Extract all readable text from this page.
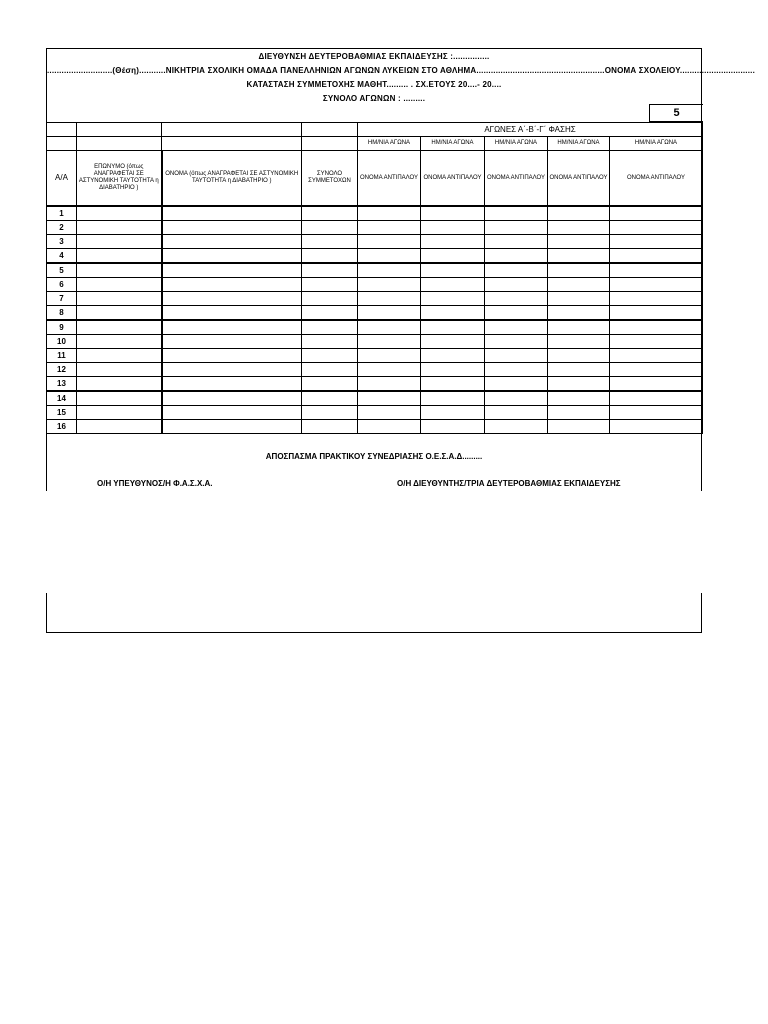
ΔΙΕΥΘΥΝΣΗ ΔΕΥΤΕΡΟΒΑΘΜΙΑΣ ΕΚΠΑΙΔΕΥΣΗΣ :...............
...........................(Θέση)...........ΝΙΚΗΤΡΙΑ ΣΧΟΛΙΚΗ ΟΜΑΔΑ ΠΑΝΕΛΛΗΝΙΩΝ ΑΓΩΝΩΝ ΛΥΚΕΙΩΝ ΣΤΟ ΑΘΛΗΜΑ.....................................................ΟΝΟΜΑ ΣΧΟΛΕΙΟΥ...............................
ΚΑΤΑΣΤΑΣΗ ΣΥΜΜΕΤΟΧΗΣ ΜΑΘΗΤ......... . ΣΧ.ΕΤΟΥΣ 20....- 20....
ΣΥΝΟΛΟ ΑΓΩΝΩΝ : .........
5
				ΑΓΩΝΕΣ Α΄-Β΄-Γ΄ ΦΑΣΗΣ				
				ΗΜ/ΝΙΑ ΑΓΩΝΑ	ΗΜ/ΝΙΑ ΑΓΩΝΑ	ΗΜ/ΝΙΑ ΑΓΩΝΑ	ΗΜ/ΝΙΑ ΑΓΩΝΑ	ΗΜ/ΝΙΑ ΑΓΩΝΑ
Α/Α	ΕΠΩΝΥΜΟ (όπως ΑΝΑΓΡΑΦΕΤΑΙ ΣΕ ΑΣΤΥΝΟΜΙΚΗ ΤΑΥΤΟΤΗΤΑ η ΔΙΑΒΑΤΗΡΙΟ )	ΟΝΟΜΑ (όπως ΑΝΑΓΡΑΦΕΤΑΙ ΣΕ ΑΣΤΥΝΟΜΙΚΗ ΤΑΥΤΟΤΗΤΑ η ΔΙΑΒΑΤΗΡΙΟ )	ΣΥΝΟΛΟ ΣΥΜΜΕΤΟΧΩΝ	ΟΝΟΜΑ ΑΝΤΙΠΑΛΟΥ	ΟΝΟΜΑ ΑΝΤΙΠΑΛΟΥ	ΟΝΟΜΑ ΑΝΤΙΠΑΛΟΥ	ΟΝΟΜΑ ΑΝΤΙΠΑΛΟΥ	ΟΝΟΜΑ ΑΝΤΙΠΑΛΟΥ
1								
2								
3								
4								
5								
6								
7								
8								
9								
10								
11								
12								
13								
14								
15								
16								
ΑΠΟΣΠΑΣΜΑ ΠΡΑΚΤΙΚΟΥ ΣΥΝΕΔΡΙΑΣΗΣ Ο.Ε.Σ.Α.Δ.........
Ο/Η ΥΠΕΥΘΥΝΟΣ/Η Φ.Α.Σ.Χ.Α.	Ο/Η ΔΙΕΥΘΥΝΤΗΣ/ΤΡΙΑ ΔΕΥΤΕΡΟΒΑΘΜΙΑΣ ΕΚΠΑΙΔΕΥΣΗΣ
